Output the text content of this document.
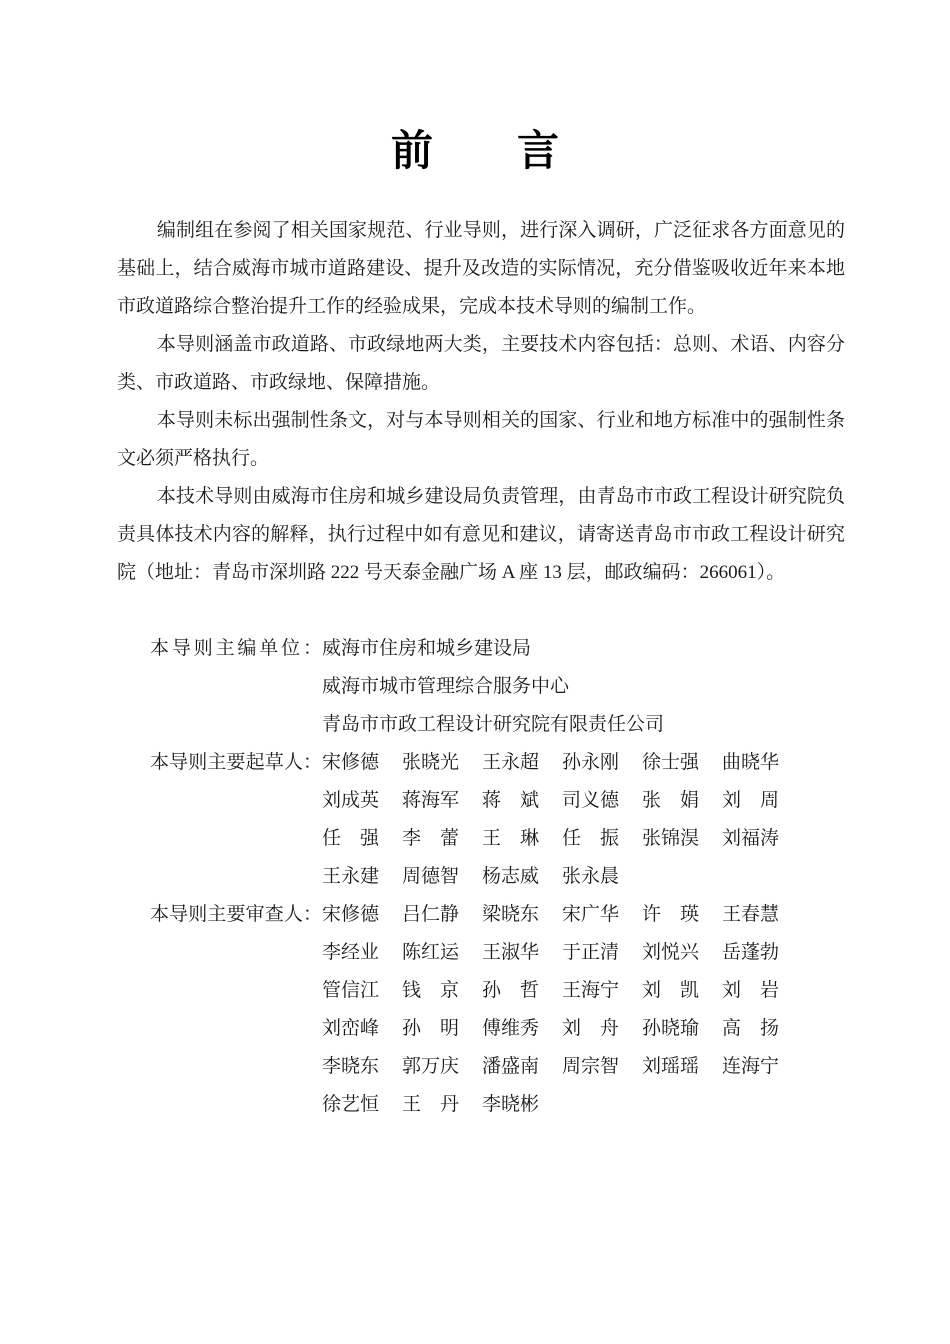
前　　言

编制组在参阅了相关国家规范、行业导则，进行深入调研，广泛征求各方面意见的基础上，结合威海市城市道路建设、提升及改造的实际情况，充分借鉴吸收近年来本地市政道路综合整治提升工作的经验成果，完成本技术导则的编制工作。

本导则涵盖市政道路、市政绿地两大类，主要技术内容包括：总则、术语、内容分类、市政道路、市政绿地、保障措施。

本导则未标出强制性条文，对与本导则相关的国家、行业和地方标准中的强制性条文必须严格执行。

本技术导则由威海市住房和城乡建设局负责管理，由青岛市市政工程设计研究院负责具体技术内容的解释，执行过程中如有意见和建议，请寄送青岛市市政工程设计研究院（地址：青岛市深圳路 222 号天泰金融广场 A 座 13 层，邮政编码：266061）。

本导则主编单位：威海市住房和城乡建设局
威海市城市管理综合服务中心
青岛市市政工程设计研究院有限责任公司
本导则主要起草人：宋修德 张晓光 王永超 孙永刚 徐士强 曲晓华
刘成英 蒋海军 蒋　斌 司义德 张　娟 刘　周
任　强 李　蕾 王　琳 任　振 张锦淏 刘福涛
王永建 周德智 杨志威 张永晨
本导则主要审查人：宋修德 吕仁静 梁晓东 宋广华 许　瑛 王春慧
李经业 陈红运 王淑华 于正清 刘悦兴 岳蓬勃
管信江 钱　京 孙　哲 王海宁 刘　凯 刘　岩
刘峦峰 孙　明 傅维秀 刘　舟 孙晓瑜 高　扬
李晓东 郭万庆 潘盛南 周宗智 刘瑶瑶 连海宁
徐艺恒 王　丹 李晓彬
